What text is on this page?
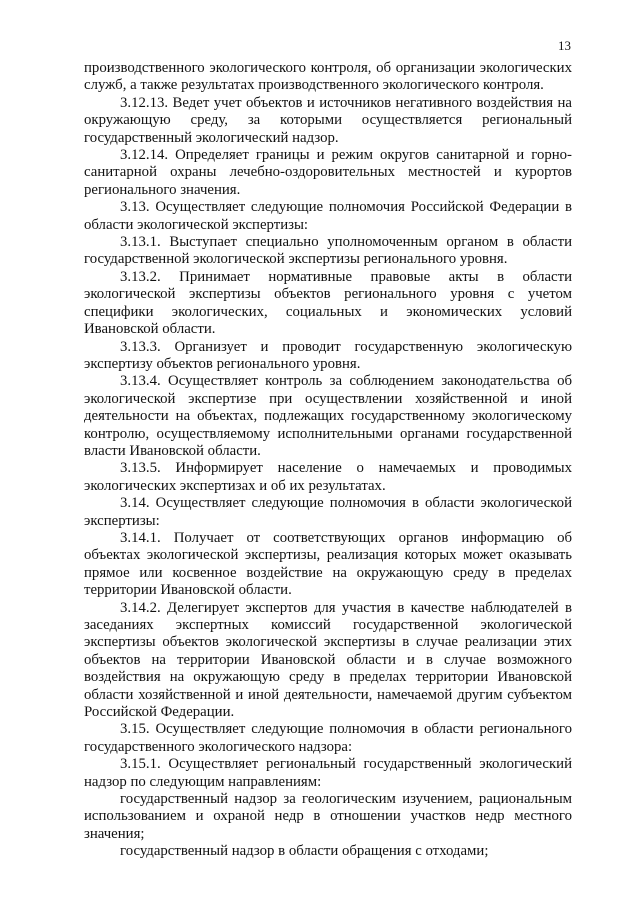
13

производственного экологического контроля, об организации экологических служб, а также результатах производственного экологического контроля.

3.12.13. Ведет учет объектов и источников негативного воздействия на окружающую среду, за которыми осуществляется региональный государственный экологический надзор.

3.12.14. Определяет границы и режим округов санитарной и горно-санитарной охраны лечебно-оздоровительных местностей и курортов регионального значения.

3.13. Осуществляет следующие полномочия Российской Федерации в области экологической экспертизы:

3.13.1. Выступает специально уполномоченным органом в области государственной экологической экспертизы регионального уровня.

3.13.2. Принимает нормативные правовые акты в области экологической экспертизы объектов регионального уровня с учетом специфики экологических, социальных и экономических условий Ивановской области.

3.13.3. Организует и проводит государственную экологическую экспертизу объектов регионального уровня.

3.13.4. Осуществляет контроль за соблюдением законодательства об экологической экспертизе при осуществлении хозяйственной и иной деятельности на объектах, подлежащих государственному экологическому контролю, осуществляемому исполнительными органами государственной власти Ивановской области.

3.13.5. Информирует население о намечаемых и проводимых экологических экспертизах и об их результатах.

3.14. Осуществляет следующие полномочия в области экологической экспертизы:

3.14.1. Получает от соответствующих органов информацию об объектах экологической экспертизы, реализация которых может оказывать прямое или косвенное воздействие на окружающую среду в пределах территории Ивановской области.

3.14.2. Делегирует экспертов для участия в качестве наблюдателей в заседаниях экспертных комиссий государственной экологической экспертизы объектов экологической экспертизы в случае реализации этих объектов на территории Ивановской области и в случае возможного воздействия на окружающую среду в пределах территории Ивановской области хозяйственной и иной деятельности, намечаемой другим субъектом Российской Федерации.

3.15. Осуществляет следующие полномочия в области регионального государственного экологического надзора:

3.15.1. Осуществляет региональный государственный экологический надзор по следующим направлениям:

государственный надзор за геологическим изучением, рациональным использованием и охраной недр в отношении участков недр местного значения;

государственный надзор в области обращения с отходами;
